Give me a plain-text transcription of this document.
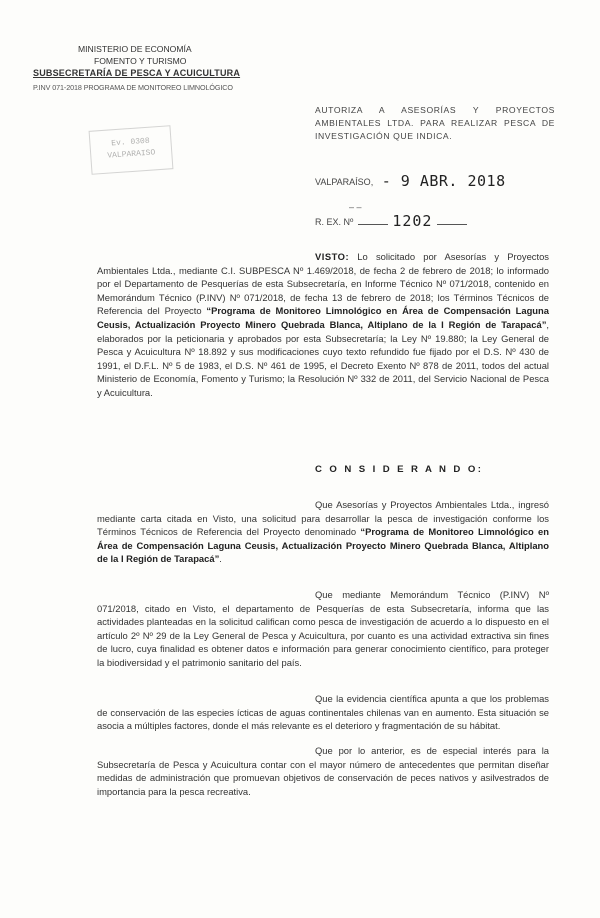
MINISTERIO DE ECONOMÍA
FOMENTO Y TURISMO
SUBSECRETARÍA DE PESCA Y ACUICULTURA
P.INV 071-2018 PROGRAMA DE MONITOREO LIMNOLÓGICO
Ev. 0308
VALPARAISO
AUTORIZA A ASESORÍAS Y PROYECTOS AMBIENTALES LTDA. PARA REALIZAR PESCA DE INVESTIGACIÓN QUE INDICA.
VALPARAÍSO, - 9 ABR. 2018
– –
R. EX. Nº	1202
VISTO: Lo solicitado por Asesorías y Proyectos Ambientales Ltda., mediante C.I. SUBPESCA Nº 1.469/2018, de fecha 2 de febrero de 2018; lo informado por el Departamento de Pesquerías de esta Subsecretaría, en Informe Técnico Nº 071/2018, contenido en Memorándum Técnico (P.INV) Nº 071/2018, de fecha 13 de febrero de 2018; los Términos Técnicos de Referencia del Proyecto “Programa de Monitoreo Limnológico en Área de Compensación Laguna Ceusis, Actualización Proyecto Minero Quebrada Blanca, Altiplano de la I Región de Tarapacá”, elaborados por la peticionaria y aprobados por esta Subsecretaría; la Ley Nº 19.880; la Ley General de Pesca y Acuicultura Nº 18.892 y sus modificaciones cuyo texto refundido fue fijado por el D.S. Nº 430 de 1991, el D.F.L. Nº 5 de 1983, el D.S. Nº 461 de 1995, el Decreto Exento Nº 878 de 2011, todos del actual Ministerio de Economía, Fomento y Turismo; la Resolución Nº 332 de 2011, del Servicio Nacional de Pesca y Acuicultura.
C O N S I D E R A N D O:
Que Asesorías y Proyectos Ambientales Ltda., ingresó mediante carta citada en Visto, una solicitud para desarrollar la pesca de investigación conforme los Términos Técnicos de Referencia del Proyecto denominado “Programa de Monitoreo Limnológico en Área de Compensación Laguna Ceusis, Actualización Proyecto Minero Quebrada Blanca, Altiplano de la I Región de Tarapacá”.
Que mediante Memorándum Técnico (P.INV) Nº 071/2018, citado en Visto, el departamento de Pesquerías de esta Subsecretaría, informa que las actividades planteadas en la solicitud califican como pesca de investigación de acuerdo a lo dispuesto en el artículo 2º Nº 29 de la Ley General de Pesca y Acuicultura, por cuanto es una actividad extractiva sin fines de lucro, cuya finalidad es obtener datos e información para generar conocimiento científico, para proteger la biodiversidad y el patrimonio sanitario del país.
Que la evidencia científica apunta a que los problemas de conservación de las especies ícticas de aguas continentales chilenas van en aumento. Esta situación se asocia a múltiples factores, donde el más relevante es el deterioro y fragmentación de su hábitat.
Que por lo anterior, es de especial interés para la Subsecretaría de Pesca y Acuicultura contar con el mayor número de antecedentes que permitan diseñar medidas de administración que promuevan objetivos de conservación de peces nativos y asilvestrados de importancia para la pesca recreativa.
